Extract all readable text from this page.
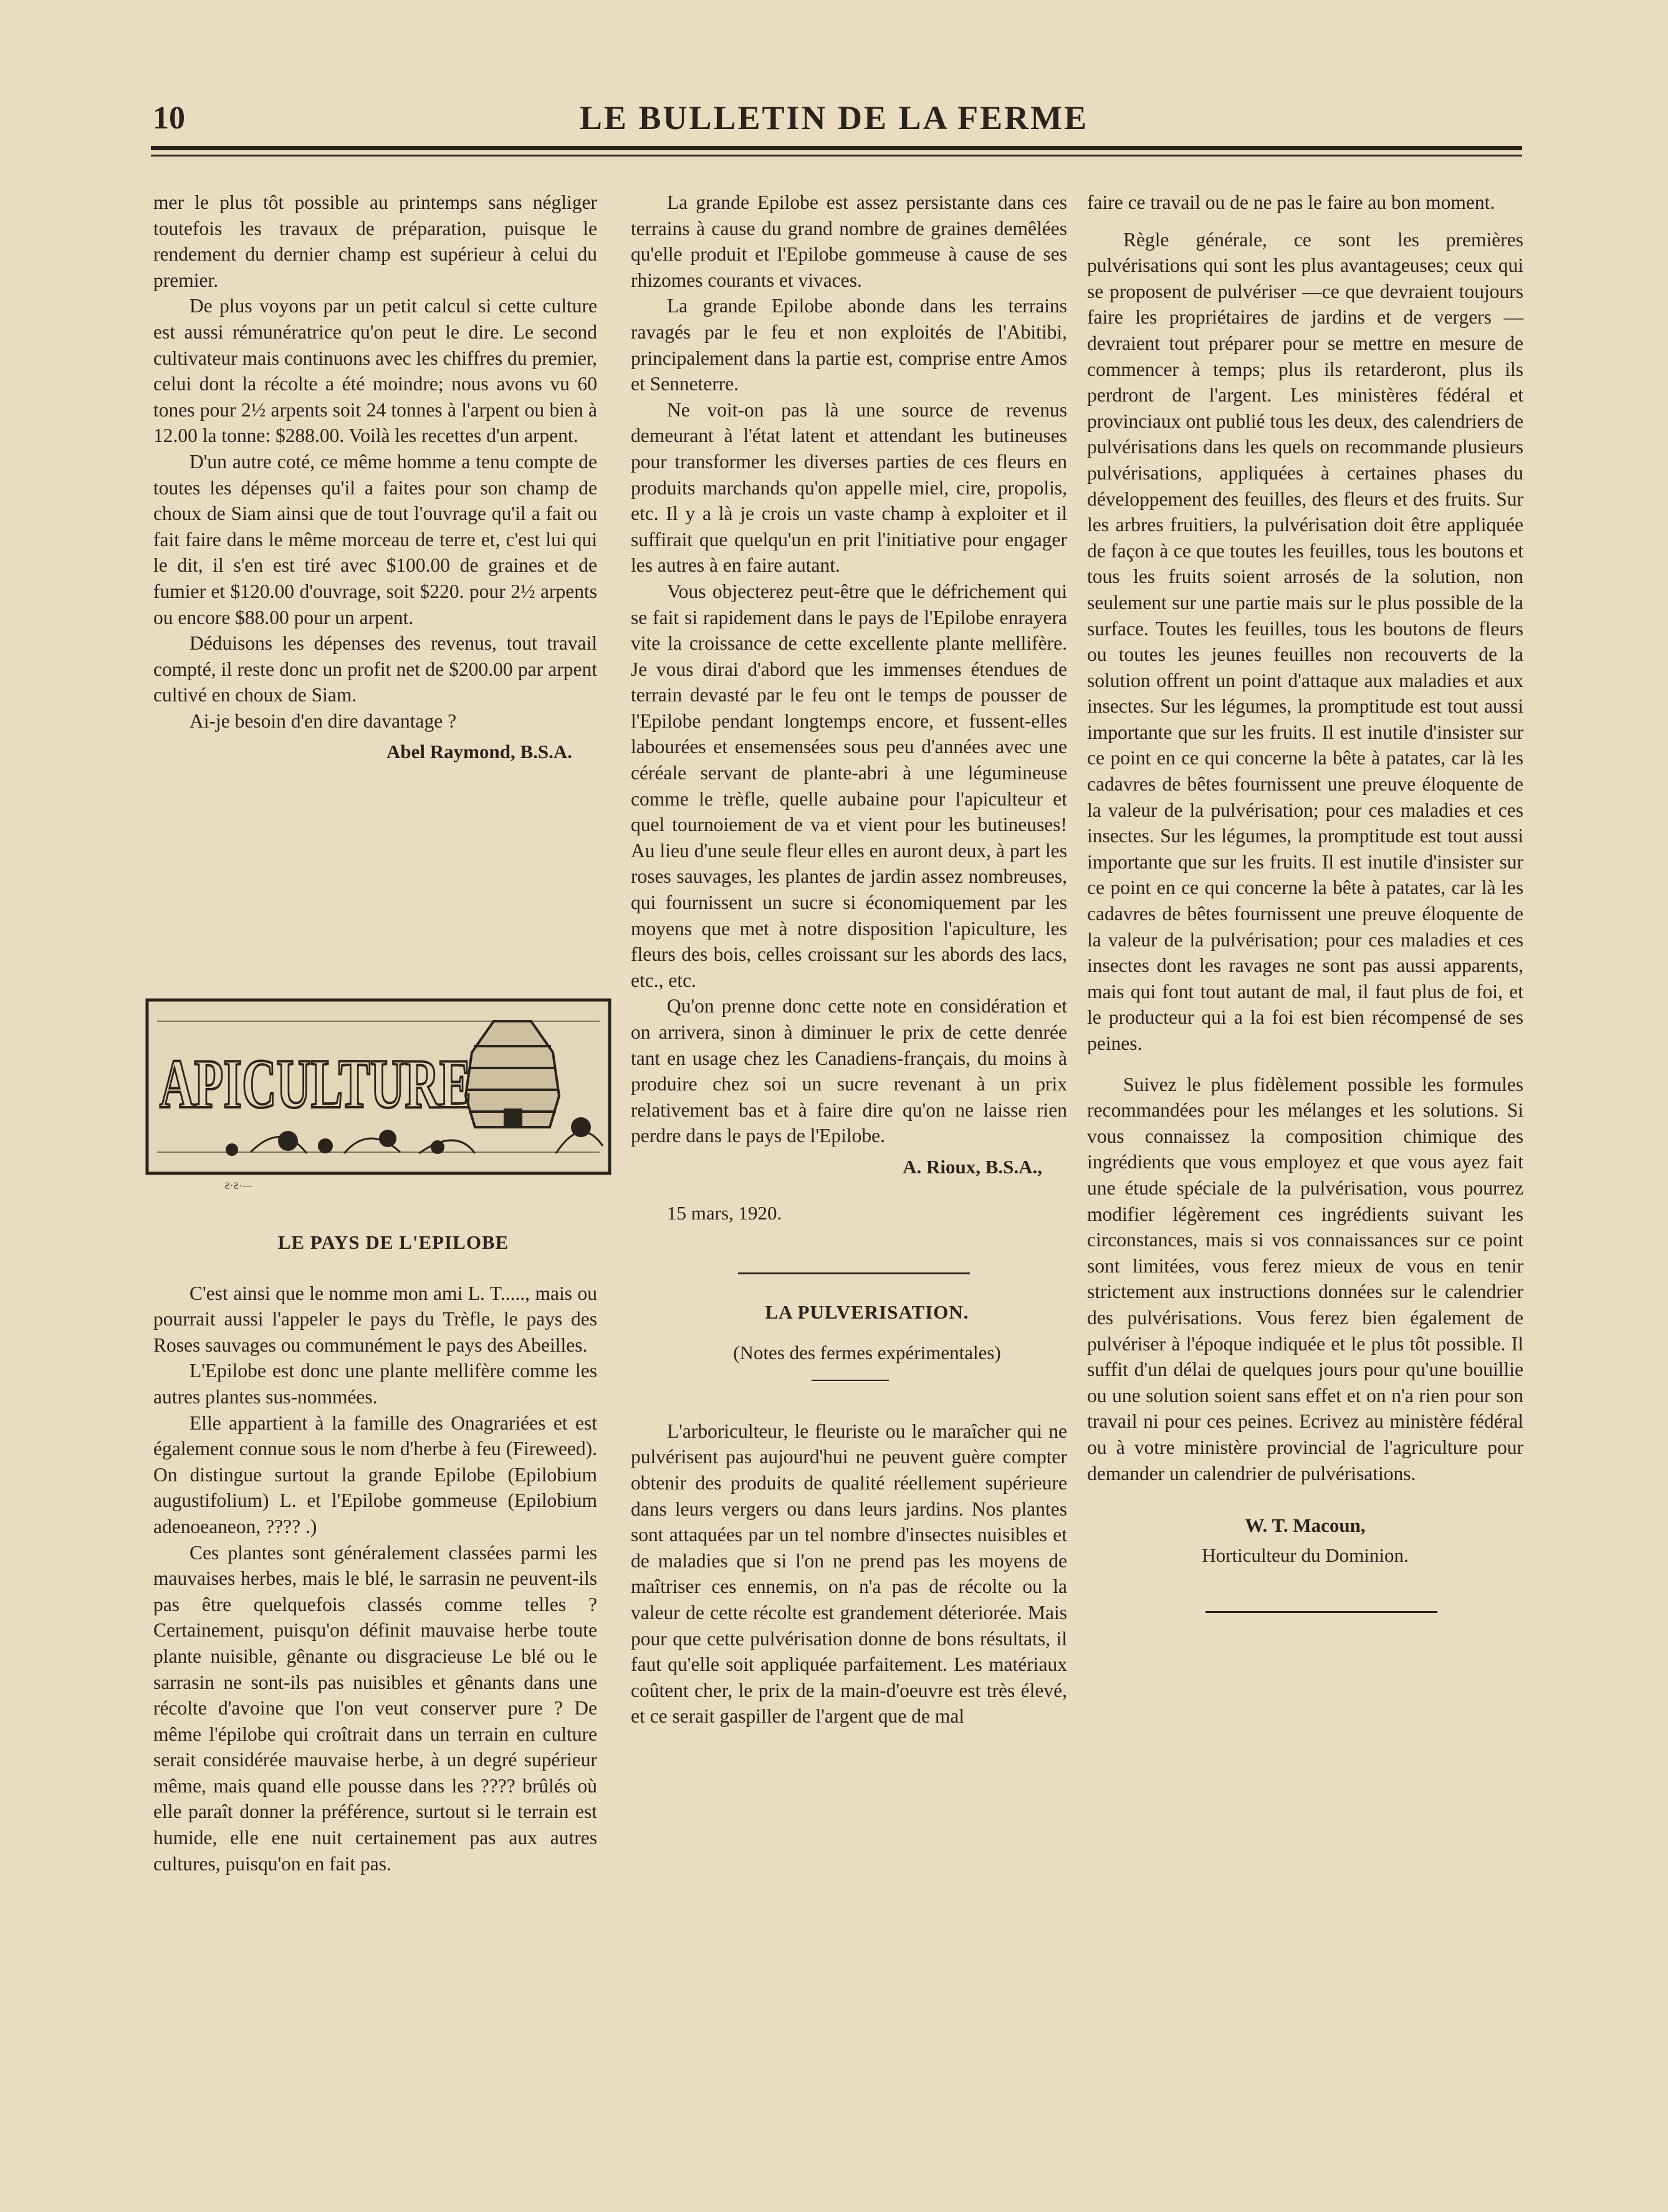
10	LE BULLETIN DE LA FERME

mer le plus tôt possible au printemps sans négliger toutefois les travaux de préparation, puisque le rendement du dernier champ est supérieur à celui du premier.

De plus voyons par un petit calcul si cette culture est aussi rémunératrice qu'on peut le dire. Le second cultivateur mais continuons avec les chiffres du premier, celui dont la récolte a été moindre; nous avons vu 60 tones pour 2½ arpents soit 24 tonnes à l'arpent ou bien à 12.00 la tonne: $288.00. Voilà les recettes d'un arpent.

D'un autre coté, ce même homme a tenu compte de toutes les dépenses qu'il a faites pour son champ de choux de Siam ainsi que de tout l'ouvrage qu'il a fait ou fait faire dans le même morceau de terre et, c'est lui qui le dit, il s'en est tiré avec $100.00 de graines et de fumier et $120.00 d'ouvrage, soit $220. pour 2½ arpents ou encore $88.00 pour un arpent.

Déduisons les dépenses des revenus, tout travail compté, il reste donc un profit net de $200.00 par arpent cultivé en choux de Siam.

Ai-je besoin d'en dire davantage ?

Abel Raymond, B.S.A.
APICULTURE
Ƨ·Ƨ·—

LE PAYS DE L'EPILOBE

C'est ainsi que le nomme mon ami L. T....., mais ou pourrait aussi l'appeler le pays du Trèfle, le pays des Roses sauvages ou communément le pays des Abeilles.

L'Epilobe est donc une plante mellifère comme les autres plantes sus-nommées.

Elle appartient à la famille des Onagrariées et est également connue sous le nom d'herbe à feu (Fireweed). On distingue surtout la grande Epilobe (Epilobium augustifolium) L. et l'Epilobe gommeuse (Epilobium adenoeaneon, ???? .)

Ces plantes sont généralement classées parmi les mauvaises herbes, mais le blé, le sarrasin ne peuvent-ils pas être quelquefois classés comme telles ? Certainement, puisqu'on définit mauvaise herbe toute plante nuisible, gênante ou disgracieuse Le blé ou le sarrasin ne sont-ils pas nuisibles et gênants dans une récolte d'avoine que l'on veut conserver pure ? De même l'épilobe qui croîtrait dans un terrain en culture serait considérée mauvaise herbe, à un degré supérieur même, mais quand elle pousse dans les ???? brûlés où elle paraît donner la préférence, surtout si le terrain est humide, elle ene nuit certainement pas aux autres cultures, puisqu'on en fait pas.

La grande Epilobe est assez persistante dans ces terrains à cause du grand nombre de graines demêlées qu'elle produit et l'Epilobe gommeuse à cause de ses rhizomes courants et vivaces.

La grande Epilobe abonde dans les terrains ravagés par le feu et non exploités de l'Abitibi, principalement dans la partie est, comprise entre Amos et Senneterre.

Ne voit-on pas là une source de revenus demeurant à l'état latent et attendant les butineuses pour transformer les diverses parties de ces fleurs en produits marchands qu'on appelle miel, cire, propolis, etc. Il y a là je crois un vaste champ à exploiter et il suffirait que quelqu'un en prit l'initiative pour engager les autres à en faire autant.

Vous objecterez peut-être que le défrichement qui se fait si rapidement dans le pays de l'Epilobe enrayera vite la croissance de cette excellente plante mellifère. Je vous dirai d'abord que les immenses étendues de terrain devasté par le feu ont le temps de pousser de l'Epilobe pendant longtemps encore, et fussent-elles labourées et ensemensées sous peu d'années avec une céréale servant de plante-abri à une légumineuse comme le trèfle, quelle aubaine pour l'apiculteur et quel tournoiement de va et vient pour les butineuses! Au lieu d'une seule fleur elles en auront deux, à part les roses sauvages, les plantes de jardin assez nombreuses, qui fournissent un sucre si économiquement par les moyens que met à notre disposition l'apiculture, les fleurs des bois, celles croissant sur les abords des lacs, etc., etc.

Qu'on prenne donc cette note en considération et on arrivera, sinon à diminuer le prix de cette denrée tant en usage chez les Canadiens-français, du moins à produire chez soi un sucre revenant à un prix relativement bas et à faire dire qu'on ne laisse rien perdre dans le pays de l'Epilobe.

A. Rioux, B.S.A.,

15 mars, 1920.

LA PULVERISATION.

(Notes des fermes expérimentales)

L'arboriculteur, le fleuriste ou le maraîcher qui ne pulvérisent pas aujourd'hui ne peuvent guère compter obtenir des produits de qualité réellement supérieure dans leurs vergers ou dans leurs jardins. Nos plantes sont attaquées par un tel nombre d'insectes nuisibles et de maladies que si l'on ne prend pas les moyens de maîtriser ces ennemis, on n'a pas de récolte ou la valeur de cette récolte est grandement déteriorée. Mais pour que cette pulvérisation donne de bons résultats, il faut qu'elle soit appliquée parfaitement. Les matériaux coûtent cher, le prix de la main-d'oeuvre est très élevé, et ce serait gaspiller de l'argent que de mal

faire ce travail ou de ne pas le faire au bon moment.

Règle générale, ce sont les premières pulvérisations qui sont les plus avantageuses; ceux qui se proposent de pulvériser —ce que devraient toujours faire les propriétaires de jardins et de vergers — devraient tout préparer pour se mettre en mesure de commencer à temps; plus ils retarderont, plus ils perdront de l'argent. Les ministères fédéral et provinciaux ont publié tous les deux, des calendriers de pulvérisations dans les quels on recommande plusieurs pulvérisations, appliquées à certaines phases du développement des feuilles, des fleurs et des fruits. Sur les arbres fruitiers, la pulvérisation doit être appliquée de façon à ce que toutes les feuilles, tous les boutons et tous les fruits soient arrosés de la solution, non seulement sur une partie mais sur le plus possible de la surface. Toutes les feuilles, tous les boutons de fleurs ou toutes les jeunes feuilles non recouverts de la solution offrent un point d'attaque aux maladies et aux insectes. Sur les légumes, la promptitude est tout aussi importante que sur les fruits. Il est inutile d'insister sur ce point en ce qui concerne la bête à patates, car là les cadavres de bêtes fournissent une preuve éloquente de la valeur de la pulvérisation; pour ces maladies et ces insectes. Sur les légumes, la promptitude est tout aussi importante que sur les fruits. Il est inutile d'insister sur ce point en ce qui concerne la bête à patates, car là les cadavres de bêtes fournissent une preuve éloquente de la valeur de la pulvérisation; pour ces maladies et ces insectes dont les ravages ne sont pas aussi apparents, mais qui font tout autant de mal, il faut plus de foi, et le producteur qui a la foi est bien récompensé de ses peines.

Suivez le plus fidèlement possible les formules recommandées pour les mélanges et les solutions. Si vous connaissez la composition chimique des ingrédients que vous employez et que vous ayez fait une étude spéciale de la pulvérisation, vous pourrez modifier légèrement ces ingrédients suivant les circonstances, mais si vos connaissances sur ce point sont limitées, vous ferez mieux de vous en tenir strictement aux instructions données sur le calendrier des pulvérisations. Vous ferez bien également de pulvériser à l'époque indiquée et le plus tôt possible. Il suffit d'un délai de quelques jours pour qu'une bouillie ou une solution soient sans effet et on n'a rien pour son travail ni pour ces peines. Ecrivez au ministère fédéral ou à votre ministère provincial de l'agriculture pour demander un calendrier de pulvérisations.

W. T. Macoun,
Horticulteur du Dominion.
